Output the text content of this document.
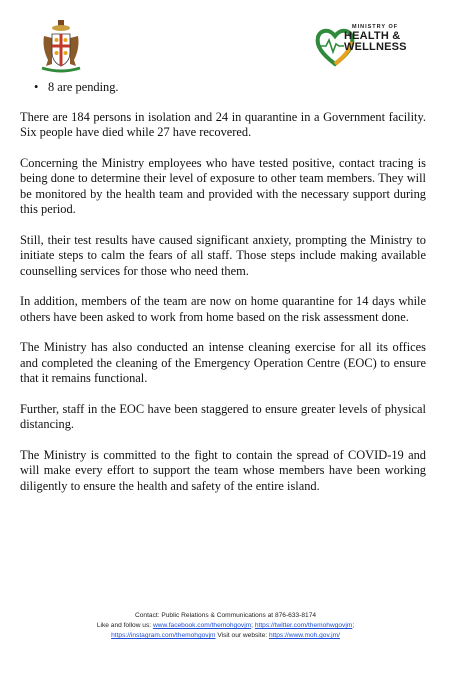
MINISTRY OF
HEALTH &
WELLNESS
• 8 are pending.

There are 184 persons in isolation and 24 in quarantine in a Government facility. Six people have died while 27 have recovered.

Concerning the Ministry employees who have tested positive, contact tracing is being done to determine their level of exposure to other team members. They will be monitored by the health team and provided with the necessary support during this period.

Still, their test results have caused significant anxiety, prompting the Ministry to initiate steps to calm the fears of all staff. Those steps include making available counselling services for those who need them.

In addition, members of the team are now on home quarantine for 14 days while others have been asked to work from home based on the risk assessment done.

The Ministry has also conducted an intense cleaning exercise for all its offices and completed the cleaning of the Emergency Operation Centre (EOC) to ensure that it remains functional.

Further, staff in the EOC have been staggered to ensure greater levels of physical distancing.

The Ministry is committed to the fight to contain the spread of COVID-19 and will make every effort to support the team whose members have been working diligently to ensure the health and safety of the entire island.

Contact: Public Relations & Communications at 876-633-8174
Like and follow us: www.facebook.com/themohgovjm; https://twitter.com/themohwgovjm;
https://instagram.com/themohgovjm Visit our website: https://www.moh.gov.jm/
